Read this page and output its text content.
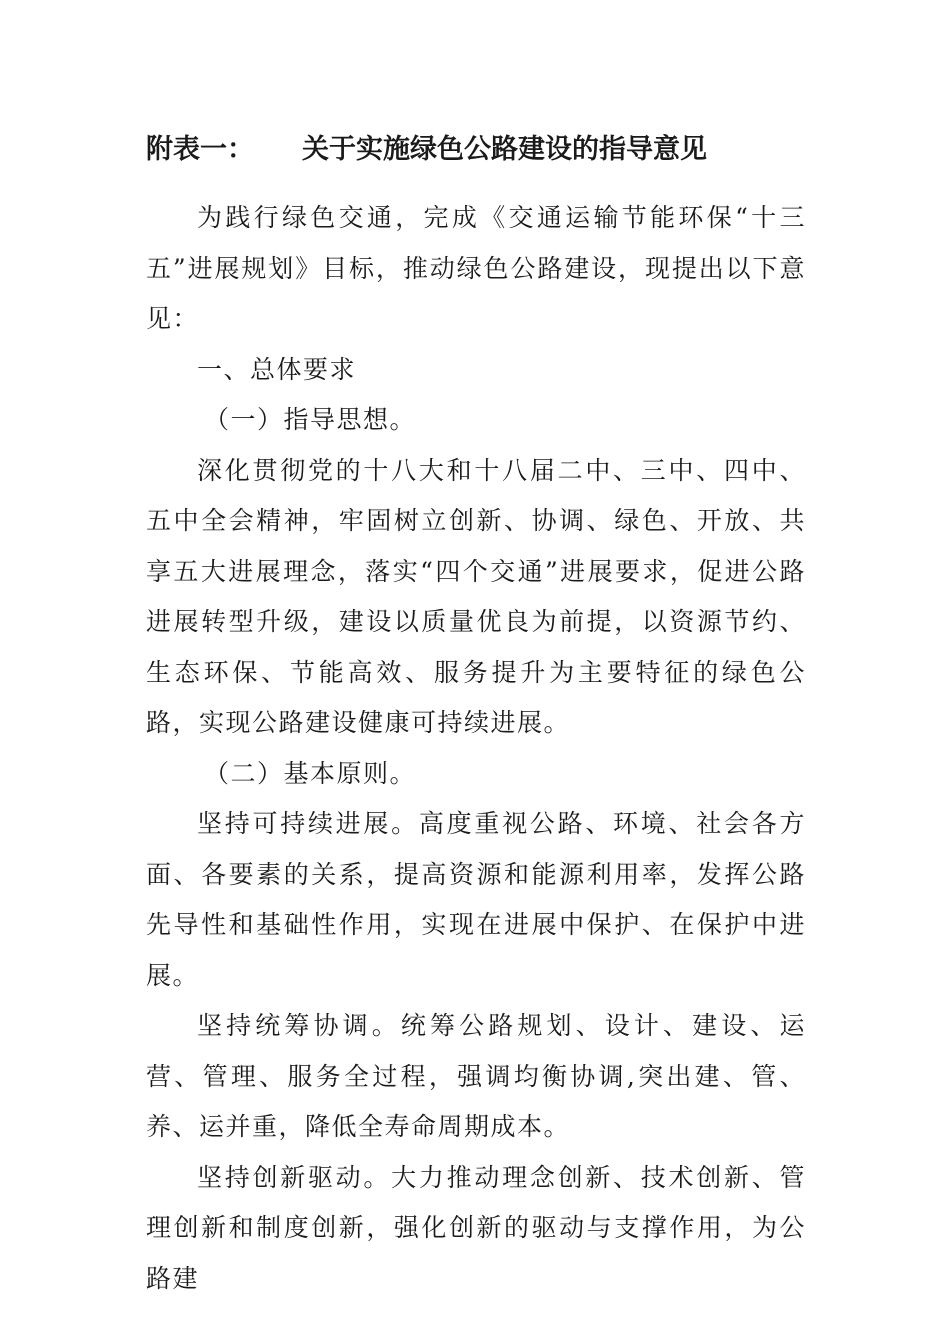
附表一： 关于实施绿色公路建设的指导意见

为践行绿色交通，完成《交通运输节能环保“十三五”进展规划》目标，推动绿色公路建设，现提出以下意见：

一、总体要求

（一）指导思想。

深化贯彻党的十八大和十八届二中、三中、四中、五中全会精神，牢固树立创新、协调、绿色、开放、共享五大进展理念，落实“四个交通”进展要求，促进公路进展转型升级，建设以质量优良为前提，以资源节约、生态环保、节能高效、服务提升为主要特征的绿色公路，实现公路建设健康可持续进展。

（二）基本原则。

坚持可持续进展。高度重视公路、环境、社会各方面、各要素的关系，提高资源和能源利用率，发挥公路先导性和基础性作用，实现在进展中保护、在保护中进展。

坚持统筹协调。统筹公路规划、设计、建设、运营、管理、服务全过程，强调均衡协调,突出建、管、养、运并重，降低全寿命周期成本。

坚持创新驱动。大力推动理念创新、技术创新、管理创新和制度创新，强化创新的驱动与支撑作用，为公路建
